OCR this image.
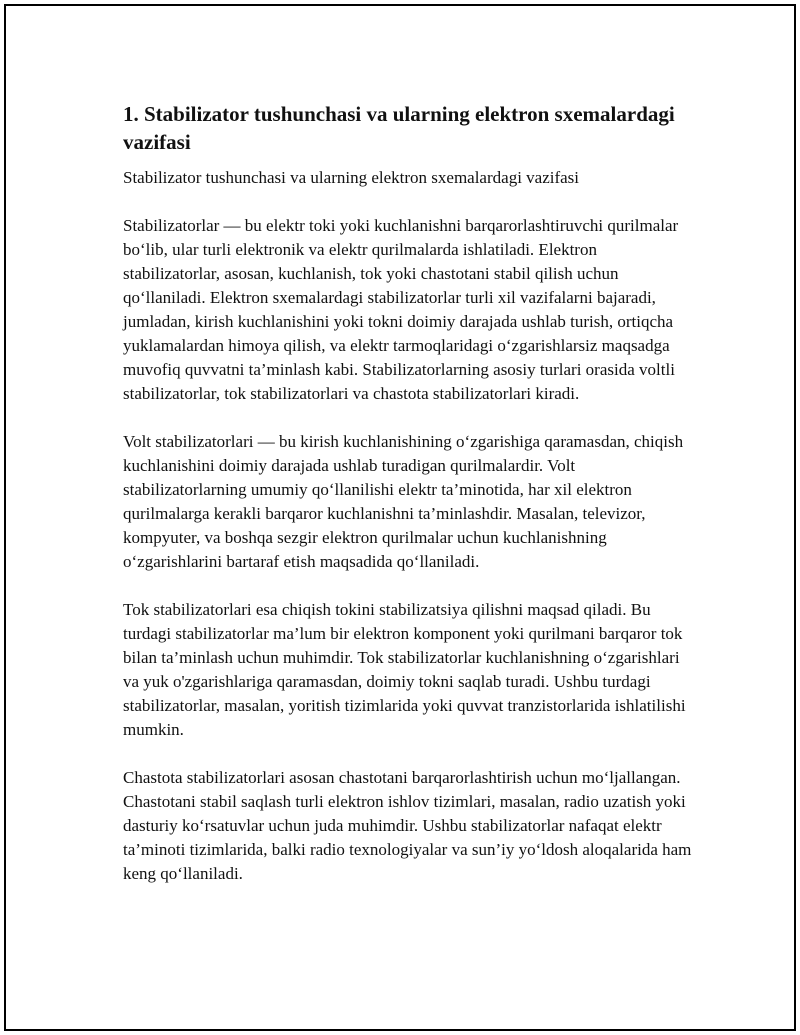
1. Stabilizator tushunchasi va ularning elektron sxemalardagi vazifasi

Stabilizator tushunchasi va ularning elektron sxemalardagi vazifasi

Stabilizatorlar — bu elektr toki yoki kuchlanishni barqarorlashtiruvchi qurilmalar bo‘lib, ular turli elektronik va elektr qurilmalarda ishlatiladi. Elektron stabilizatorlar, asosan, kuchlanish, tok yoki chastotani stabil qilish uchun qo‘llaniladi. Elektron sxemalardagi stabilizatorlar turli xil vazifalarni bajaradi, jumladan, kirish kuchlanishini yoki tokni doimiy darajada ushlab turish, ortiqcha yuklamalardan himoya qilish, va elektr tarmoqlaridagi o‘zgarishlarsiz maqsadga muvofiq quvvatni ta’minlash kabi. Stabilizatorlarning asosiy turlari orasida voltli stabilizatorlar, tok stabilizatorlari va chastota stabilizatorlari kiradi.

Volt stabilizatorlari — bu kirish kuchlanishining o‘zgarishiga qaramasdan, chiqish kuchlanishini doimiy darajada ushlab turadigan qurilmalardir. Volt stabilizatorlarning umumiy qo‘llanilishi elektr ta’minotida, har xil elektron qurilmalarga kerakli barqaror kuchlanishni ta’minlashdir. Masalan, televizor, kompyuter, va boshqa sezgir elektron qurilmalar uchun kuchlanishning o‘zgarishlarini bartaraf etish maqsadida qo‘llaniladi.

Tok stabilizatorlari esa chiqish tokini stabilizatsiya qilishni maqsad qiladi. Bu turdagi stabilizatorlar ma’lum bir elektron komponent yoki qurilmani barqaror tok bilan ta’minlash uchun muhimdir. Tok stabilizatorlar kuchlanishning o‘zgarishlari va yuk o'zgarishlariga qaramasdan, doimiy tokni saqlab turadi. Ushbu turdagi stabilizatorlar, masalan, yoritish tizimlarida yoki quvvat tranzistorlarida ishlatilishi mumkin.

Chastota stabilizatorlari asosan chastotani barqarorlashtirish uchun mo‘ljallangan. Chastotani stabil saqlash turli elektron ishlov tizimlari, masalan, radio uzatish yoki dasturiy ko‘rsatuvlar uchun juda muhimdir. Ushbu stabilizatorlar nafaqat elektr ta’minoti tizimlarida, balki radio texnologiyalar va sun’iy yo‘ldosh aloqalarida ham keng qo‘llaniladi.
